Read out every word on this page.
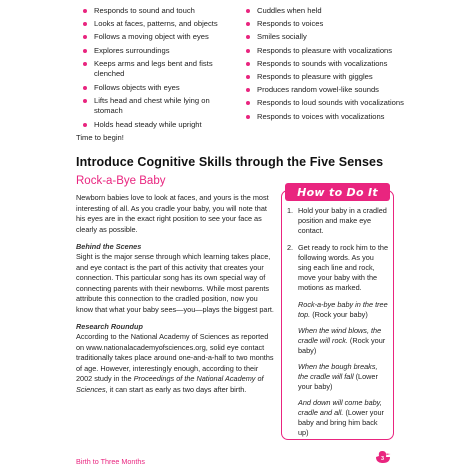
Responds to sound and touch
Looks at faces, patterns, and objects
Follows a moving object with eyes
Explores surroundings
Keeps arms and legs bent and fists clenched
Follows objects with eyes
Lifts head and chest while lying on stomach
Holds head steady while upright
Cuddles when held
Responds to voices
Smiles socially
Responds to pleasure with vocalizations
Responds to sounds with vocalizations
Responds to pleasure with giggles
Produces random vowel-like sounds
Responds to loud sounds with vocalizations
Responds to voices with vocalizations
Time to begin!
Introduce Cognitive Skills through the Five Senses
Rock-a-Bye Baby

Newborn babies love to look at faces, and yours is the most interesting of all. As you cradle your baby, you will note that his eyes are in the exact right position to see your face as clearly as possible.

Behind the Scenes

Sight is the major sense through which learning takes place, and eye contact is the part of this activity that creates your connection. This particular song has its own special way of connecting parents with their newborns. While most parents attribute this connection to the cradled position, now you know that what your baby sees—you—plays the biggest part.

Research Roundup

According to the National Academy of Sciences as reported on www.nationalacademyofsciences.org, solid eye contact traditionally takes place around one-and-a-half to two months of age. However, interestingly enough, according to their 2002 study in the Proceedings of the National Academy of Sciences, it can start as early as two days after birth.

How to Do It
1. Hold your baby in a cradled position and make eye contact.
2. Get ready to rock him to the following words. As you sing each line and rock, move your baby with the motions as marked.
Rock-a-bye baby in the tree top. (Rock your baby)
When the wind blows, the cradle will rock. (Rock your baby)
When the bough breaks, the cradle will fall (Lower your baby)
And down will come baby, cradle and all. (Lower your baby and bring him back up)
Birth to Three Months	3
